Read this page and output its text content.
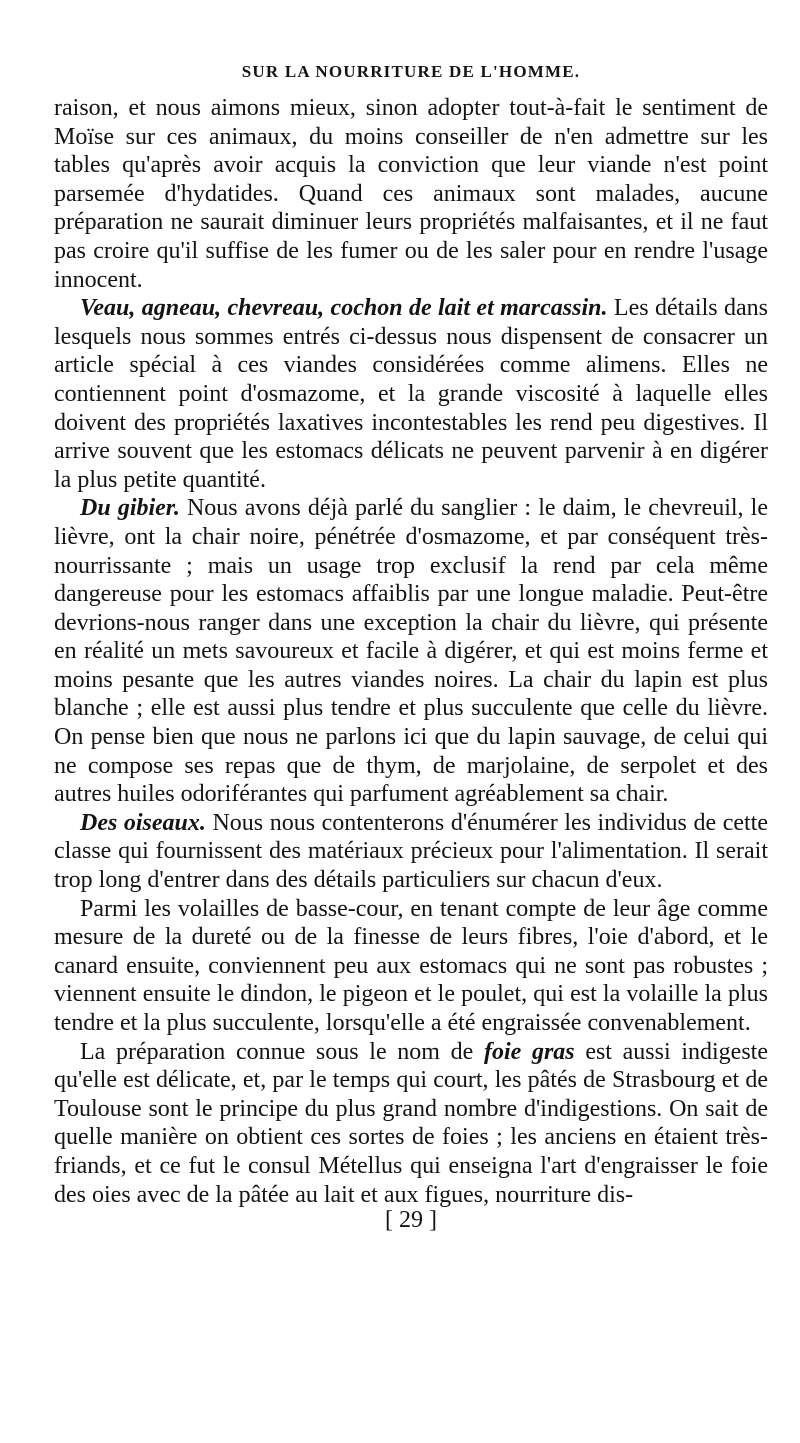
SUR LA NOURRITURE DE L'HOMME.

raison, et nous aimons mieux, sinon adopter tout-à-fait le sentiment de Moïse sur ces animaux, du moins conseiller de n'en admettre sur les tables qu'après avoir acquis la conviction que leur viande n'est point parsemée d'hydatides. Quand ces animaux sont malades, aucune préparation ne saurait diminuer leurs propriétés malfaisantes, et il ne faut pas croire qu'il suffise de les fumer ou de les saler pour en rendre l'usage innocent.

Veau, agneau, chevreau, cochon de lait et marcassin. Les détails dans lesquels nous sommes entrés ci-dessus nous dispensent de consacrer un article spécial à ces viandes considérées comme alimens. Elles ne contiennent point d'osmazome, et la grande viscosité à laquelle elles doivent des propriétés laxatives incontestables les rend peu digestives. Il arrive souvent que les estomacs délicats ne peuvent parvenir à en digérer la plus petite quantité.

Du gibier. Nous avons déjà parlé du sanglier : le daim, le chevreuil, le lièvre, ont la chair noire, pénétrée d'osmazome, et par conséquent très-nourrissante ; mais un usage trop exclusif la rend par cela même dangereuse pour les estomacs affaiblis par une longue maladie. Peut-être devrions-nous ranger dans une exception la chair du lièvre, qui présente en réalité un mets savoureux et facile à digérer, et qui est moins ferme et moins pesante que les autres viandes noires. La chair du lapin est plus blanche ; elle est aussi plus tendre et plus succulente que celle du lièvre. On pense bien que nous ne parlons ici que du lapin sauvage, de celui qui ne compose ses repas que de thym, de marjolaine, de serpolet et des autres huiles odoriférantes qui parfument agréablement sa chair.

Des oiseaux. Nous nous contenterons d'énumérer les individus de cette classe qui fournissent des matériaux précieux pour l'alimentation. Il serait trop long d'entrer dans des détails particuliers sur chacun d'eux.

Parmi les volailles de basse-cour, en tenant compte de leur âge comme mesure de la dureté ou de la finesse de leurs fibres, l'oie d'abord, et le canard ensuite, conviennent peu aux estomacs qui ne sont pas robustes ; viennent ensuite le dindon, le pigeon et le poulet, qui est la volaille la plus tendre et la plus succulente, lorsqu'elle a été engraissée convenablement.

La préparation connue sous le nom de foie gras est aussi indigeste qu'elle est délicate, et, par le temps qui court, les pâtés de Strasbourg et de Toulouse sont le principe du plus grand nombre d'indigestions. On sait de quelle manière on obtient ces sortes de foies ; les anciens en étaient très-friands, et ce fut le consul Métellus qui enseigna l'art d'engraisser le foie des oies avec de la pâtée au lait et aux figues, nourriture dis-

[ 29 ]
